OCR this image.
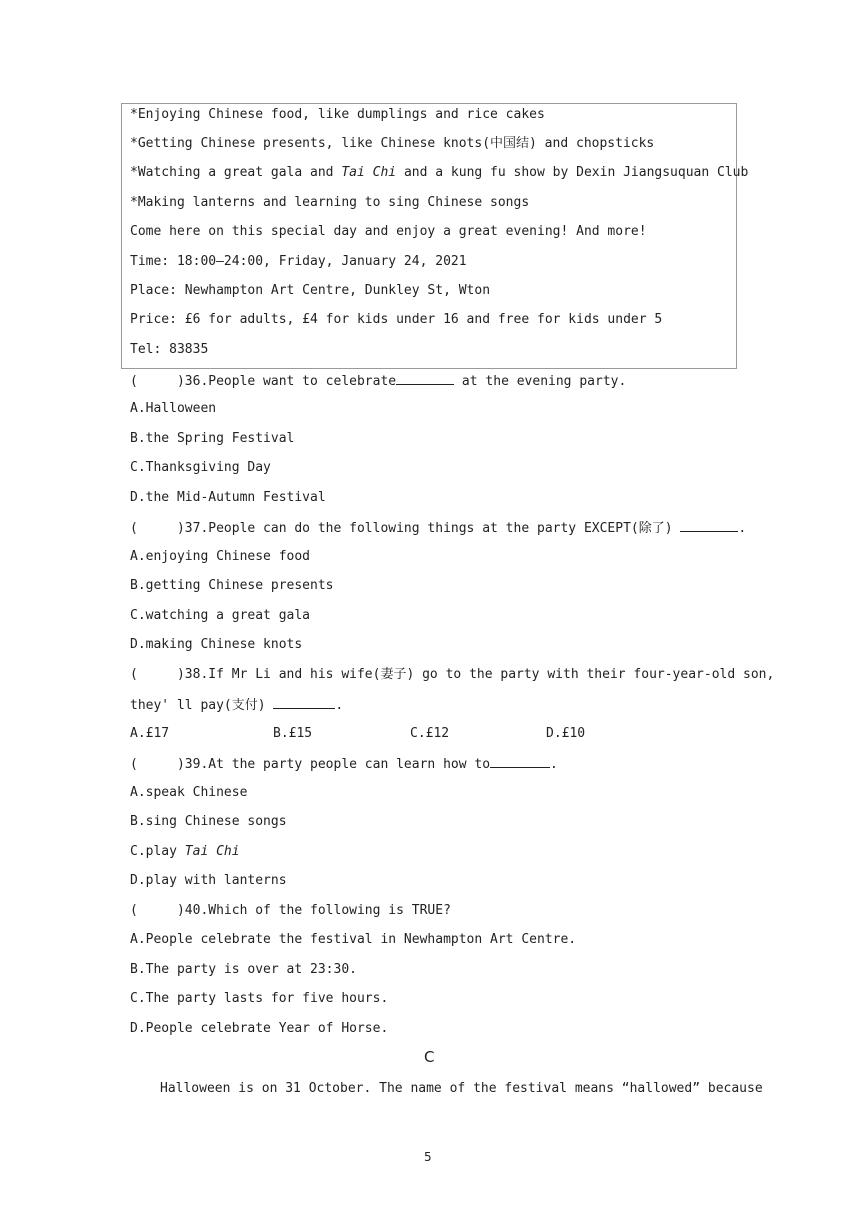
*Enjoying Chinese food, like dumplings and rice cakes
*Getting Chinese presents, like Chinese knots(中国结) and chopsticks
*Watching a great gala and Tai Chi and a kung fu show by Dexin Jiangsuquan Club
*Making lanterns and learning to sing Chinese songs
Come here on this special day and enjoy a great evening! And more!
Time: 18:00—24:00, Friday, January 24, 2021
Place: Newhampton Art Centre, Dunkley St, Wton
Price: £6 for adults, £4 for kids under 16 and free for kids under 5
Tel: 83835
(     )36.People want to celebrate	at the evening party.
A.Halloween
B.the Spring Festival
C.Thanksgiving Day
D.the Mid-Autumn Festival
(     )37.People can do the following things at the party EXCEPT(除了)	.
A.enjoying Chinese food
B.getting Chinese presents
C.watching a great gala
D.making Chinese knots
(     )38.If Mr Li and his wife(妻子) go to the party with their four-year-old son,
they' ll pay(支付)	.
A.£17	B.£15	C.£12	D.£10
(     )39.At the party people can learn how to	.
A.speak Chinese
B.sing Chinese songs
C.play Tai Chi
D.play with lanterns
(     )40.Which of the following is TRUE?
A.People celebrate the festival in Newhampton Art Centre.
B.The party is over at 23:30.
C.The party lasts for five hours.
D.People celebrate Year of Horse.
C
Halloween is on 31 October. The name of the festival means “hallowed” because
5
